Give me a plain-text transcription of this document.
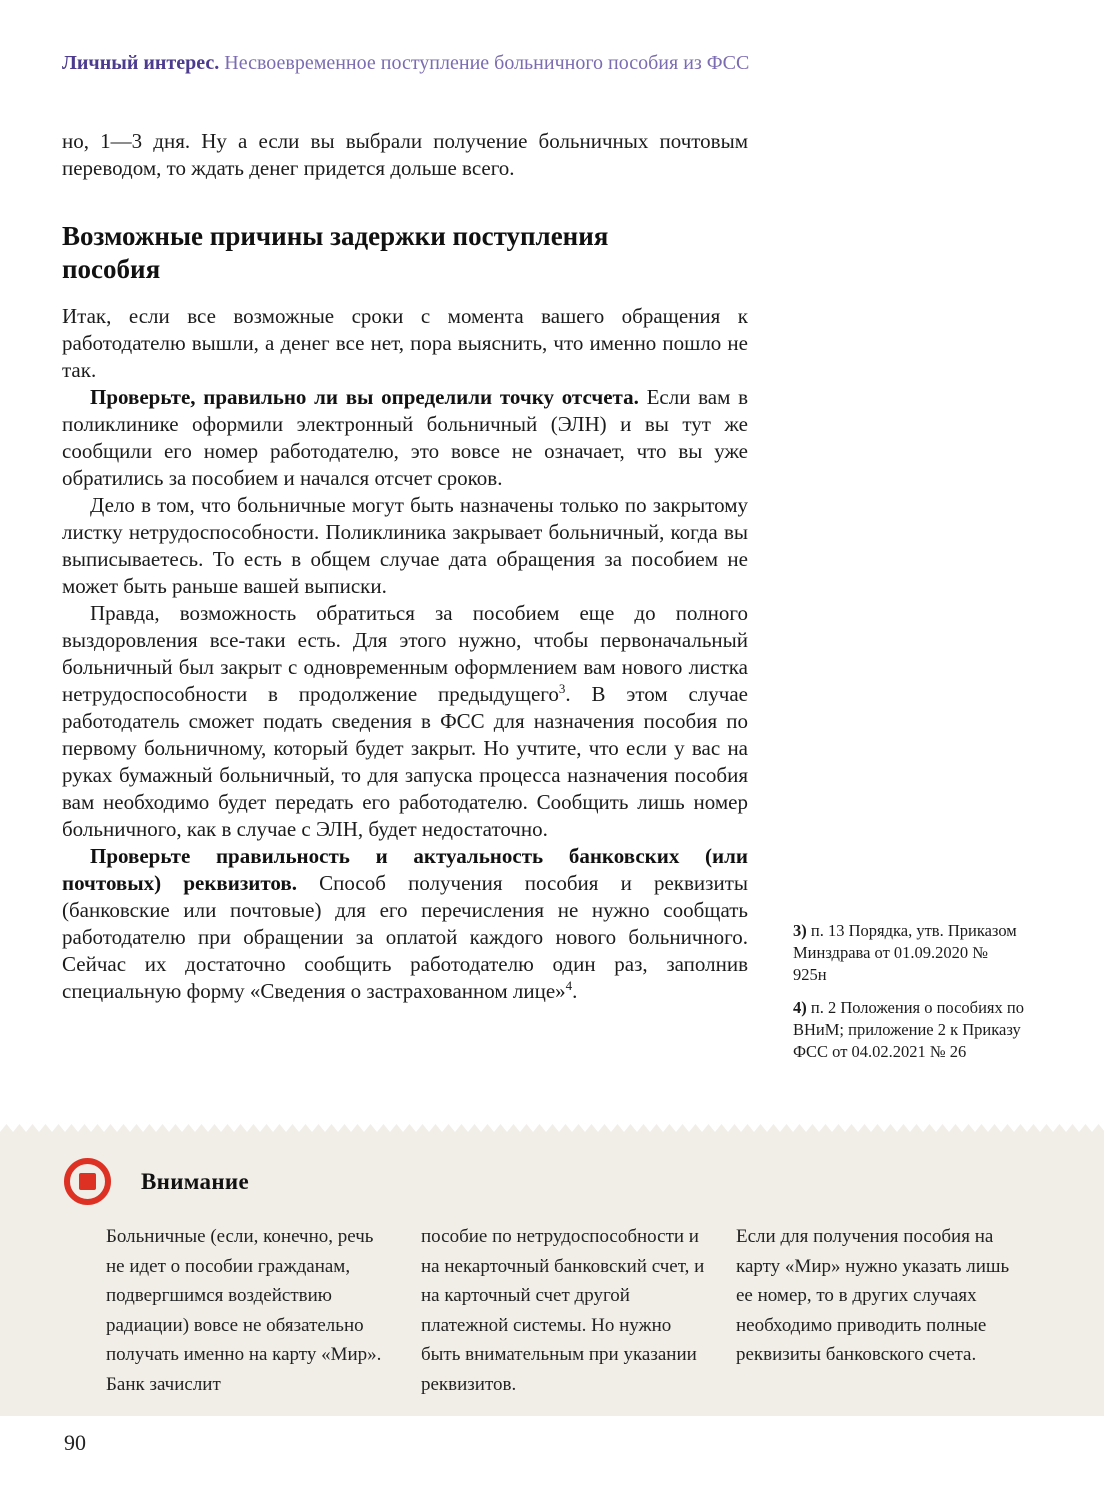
Личный интерес. Несвоевременное поступление больничного пособия из ФСС

но, 1—3 дня. Ну а если вы выбрали получение больничных почтовым переводом, то ждать денег придется дольше всего.

Возможные причины задержки поступления пособия

Итак, если все возможные сроки с момента вашего обращения к работодателю вышли, а денег все нет, пора выяснить, что именно пошло не так.

Проверьте, правильно ли вы определили точку отсчета. Если вам в поликлинике оформили электронный больничный (ЭЛН) и вы тут же сообщили его номер работодателю, это вовсе не означает, что вы уже обратились за пособием и начался отсчет сроков.

Дело в том, что больничные могут быть назначены только по закрытому листку нетрудоспособности. Поликлиника закрывает больничный, когда вы выписываетесь. То есть в общем случае дата обращения за пособием не может быть раньше вашей выписки.

Правда, возможность обратиться за пособием еще до полного выздоровления все-таки есть. Для этого нужно, чтобы первоначальный больничный был закрыт с одновременным оформлением вам нового листка нетрудоспособности в продолжение предыдущего$^3$. В этом случае работодатель сможет подать сведения в ФСС для назначения пособия по первому больничному, который будет закрыт. Но учтите, что если у вас на руках бумажный больничный, то для запуска процесса назначения пособия вам необходимо будет передать его работодателю. Сообщить лишь номер больничного, как в случае с ЭЛН, будет недостаточно.

Проверьте правильность и актуальность банковских (или почтовых) реквизитов. Способ получения пособия и реквизиты (банковские или почтовые) для его перечисления не нужно сообщать работодателю при обращении за оплатой каждого нового больничного. Сейчас их достаточно сообщить работодателю один раз, заполнив специальную форму «Сведения о застрахованном лице»$^4$.

3) п. 13 Порядка, утв. Приказом Минздрава от 01.09.2020 № 925н
4) п. 2 Положения о пособиях по ВНиМ; приложение 2 к Приказу ФСС от 04.02.2021 № 26
Внимание
Больничные (если, конечно, речь не идет о пособии гражданам, подвергшимся воздействию радиации) вовсе не обязательно получать именно на карту «Мир». Банк зачислит
пособие по нетрудоспособности и на некарточный банковский счет, и на карточный счет другой платежной системы. Но нужно быть внимательным при указании реквизитов.
Если для получения пособия на карту «Мир» нужно указать лишь ее номер, то в других случаях необходимо приводить полные реквизиты банковского счета.
90
